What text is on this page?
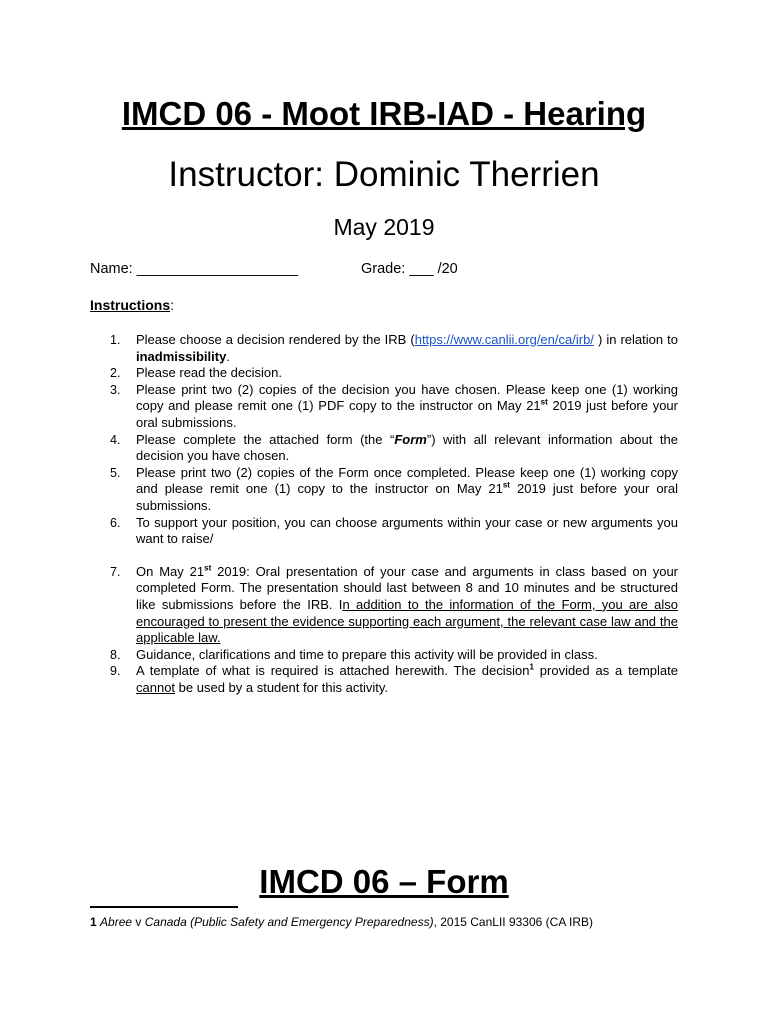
IMCD 06 - Moot IRB-IAD - Hearing
Instructor: Dominic Therrien
May 2019
Name: ____________________	Grade: ___ /20
Instructions:
1. Please choose a decision rendered by the IRB (https://www.canlii.org/en/ca/irb/ ) in relation to inadmissibility.
2. Please read the decision.
3. Please print two (2) copies of the decision you have chosen. Please keep one (1) working copy and please remit one (1) PDF copy to the instructor on May 21st 2019 just before your oral submissions.
4. Please complete the attached form (the “Form”) with all relevant information about the decision you have chosen.
5. Please print two (2) copies of the Form once completed. Please keep one (1) working copy and please remit one (1) copy to the instructor on May 21st 2019 just before your oral submissions.
6. To support your position, you can choose arguments within your case or new arguments you want to raise/
7. On May 21st 2019: Oral presentation of your case and arguments in class based on your completed Form. The presentation should last between 8 and 10 minutes and be structured like submissions before the IRB. In addition to the information of the Form, you are also encouraged to present the evidence supporting each argument, the relevant case law and the applicable law.
8. Guidance, clarifications and time to prepare this activity will be provided in class.
9. A template of what is required is attached herewith. The decision$^1$ provided as a template cannot be used by a student for this activity.
IMCD 06 – Form
1 Abree v Canada (Public Safety and Emergency Preparedness), 2015 CanLII 93306 (CA IRB)
